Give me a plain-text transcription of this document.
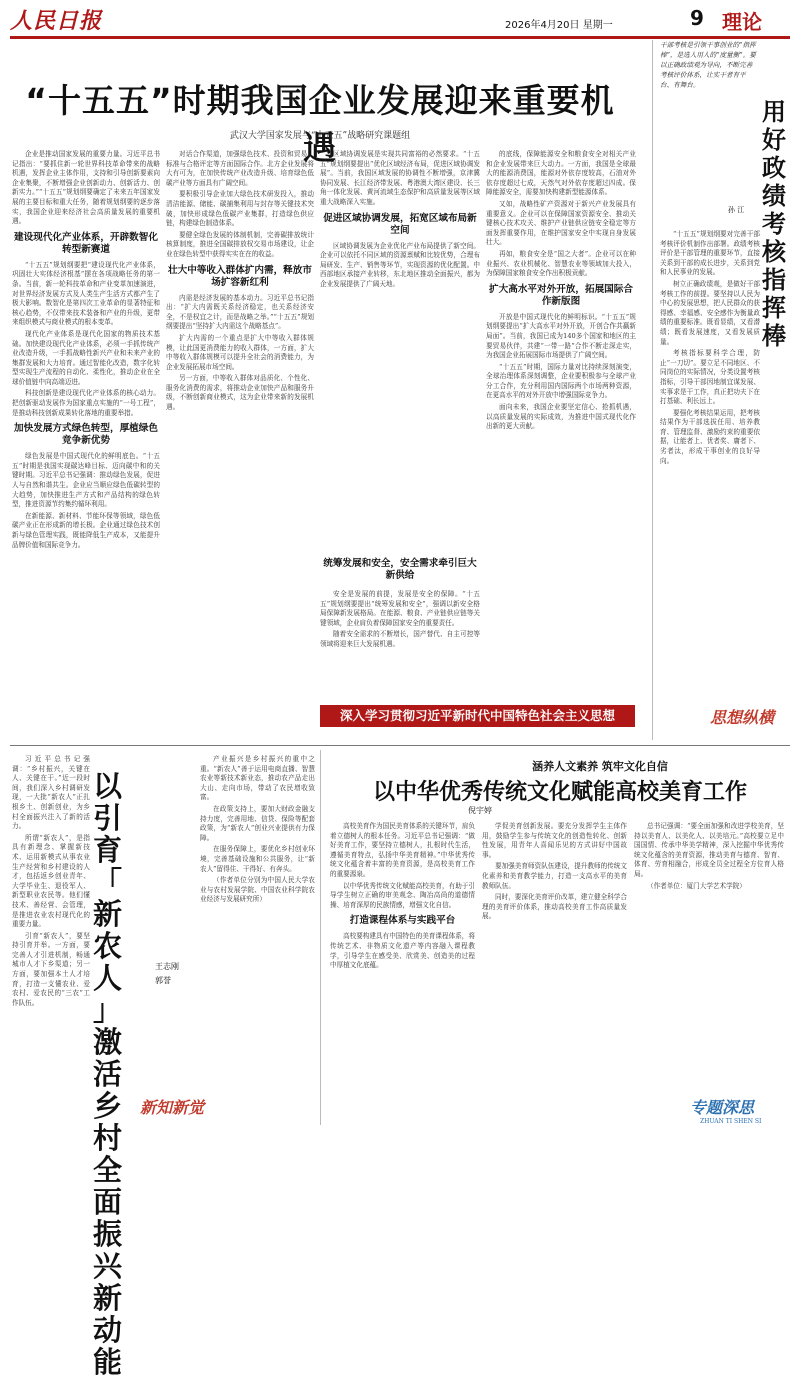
人民日报	2026年4月20日 星期一	9 理论
“十五五”时期我国企业发展迎来重要机遇
武汉大学国家发展与“十五五”战略研究课题组

企业是推动国家发展的重要力量。习近平总书记指出：“要抓住新一轮世界科技革命带来的战略机遇，发挥企业主体作用，支持和引导创新要素向企业集聚，不断增强企业创新动力、创新活力、创新实力。”“十五五”规划纲要确定了未来五年国家发展的主要目标和重大任务，随着规划纲要的逐步落实，我国企业迎来经济社会高质量发展的重要机遇。

建设现代化产业体系，开辟数智化转型新赛道

“十五五”规划纲要把“建设现代化产业体系，巩固壮大实体经济根基”摆在各项战略任务的第一条。当前，新一轮科技革命和产业变革加速演进，对世界经济发展方式及人类生产生活方式都产生了极大影响。数智化是第四次工业革命的显著特征和核心趋势，不仅带来技术装备和产业的升级，更带来组织模式与商业模式的根本变革。

现代化产业体系是现代化国家的物质技术基础。加快建设现代化产业体系，必须一手抓传统产业改造升级，一手抓战略性新兴产业和未来产业的集群发展和大力培育。通过智能化改造，数字化转型实现生产流程的自动化、柔性化，推动企业在全球价值链中向高端迈进。

科技创新是建设现代化产业体系的核心动力。把创新驱动发展作为国家重点实施的“一号工程”，是推动科技创新成果转化落地的重要举措。

加快发展方式绿色转型，厚植绿色竞争新优势

绿色发展是中国式现代化的鲜明底色。“十五五”时期是我国实现碳达峰目标、迈向碳中和的关键时期。习近平总书记强调：推动绿色发展，促进人与自然和谐共生。企业应当顺应绿色低碳转型的大趋势，加快推进生产方式和产品结构的绿色转型，推进资源节约集约循环利用。

在新能源、新材料、节能环保等领域，绿色低碳产业正在形成新的增长极。企业通过绿色技术创新与绿色管理实践，既能降低生产成本，又能提升品牌价值和国际竞争力。

对话合作渠道，加强绿色技术、投资和贸易、标准与合格评定等方面国际合作。北方企业发展将大有可为，在加快传统产业改造升级、培育绿色低碳产业等方面具有广阔空间。

要积极引导企业加大绿色技术研发投入，推动清洁能源、储能、碳捕集利用与封存等关键技术突破，加快形成绿色低碳产业集群，打造绿色供应链，构建绿色制造体系。

要健全绿色发展的体制机制，完善碳排放统计核算制度，推进全国碳排放权交易市场建设，让企业在绿色转型中获得实实在在的收益。

壮大中等收入群体扩内需，释放市场扩容新红利

内需是经济发展的基本动力。习近平总书记指出：“扩大内需既关系经济稳定，也关系经济安全，不是权宜之计，而是战略之举。”“十五五”规划纲要提出“坚持扩大内需这个战略基点”。

扩大内需的一个重点是扩大中等收入群体规模，让此国更消费能力的收入群体，一方面，扩大中等收入群体规模可以提升全社会的消费能力，为企业发展拓展市场空间。

另一方面，中等收入群体对品质化、个性化、服务化消费的需求，将推动企业加快产品和服务升级，不断创新商业模式，这为企业带来新的发展机遇。

区域协调发展是实现共同富裕的必然要求。“十五五”规划纲要提出“优化区域经济布局，促进区域协调发展”。当前，我国区域发展的协调性不断增强，京津冀协同发展、长江经济带发展、粤港澳大湾区建设、长三角一体化发展、黄河流域生态保护和高质量发展等区域重大战略深入实施。

促进区域协调发展，拓宽区域布局新空间

区域协调发展为企业优化产业布局提供了新空间。企业可以依托不同区域的资源禀赋和比较优势，合理布局研发、生产、销售等环节，实现资源的优化配置。中西部地区承接产业转移，东北地区推动全面振兴，都为企业发展提供了广阔天地。

统筹发展和安全，安全需求牵引巨大新供给

安全是发展的前提，发展是安全的保障。“十五五”规划纲要提出“统筹发展和安全”，强调以新安全格局保障新发展格局。在能源、粮食、产业链供应链等关键领域，企业肩负着保障国家安全的重要责任。

随着安全需求的不断增长，国产替代、自主可控等领域将迎来巨大发展机遇。

的底线，保障能源安全和粮食安全对相关产业和企业发展带来巨大动力。一方面，我国是全球最大的能源消费国，能源对外依存度较高，石油对外依存度超过七成，天然气对外依存度超过四成。保障能源安全，需要加快构建新型能源体系。

又如，战略性矿产资源对于新兴产业发展具有重要意义。企业可以在保障国家资源安全、推动关键核心技术攻关、维护产业链供应链安全稳定等方面发挥重要作用，在维护国家安全中实现自身发展壮大。

再如，粮食安全是“国之大者”。企业可以在种业振兴、农业机械化、智慧农业等领域加大投入，为保障国家粮食安全作出积极贡献。

扩大高水平对外开放，拓展国际合作新版图

开放是中国式现代化的鲜明标识。“十五五”规划纲要提出“扩大高水平对外开放，开创合作共赢新局面”。当前，我国已成为140多个国家和地区的主要贸易伙伴，共建“一带一路”合作不断走深走实，为我国企业拓展国际市场提供了广阔空间。

“十五五”时期，国际力量对比持续深刻演变，全球治理体系深刻调整，企业要积极参与全球产业分工合作，充分利用国内国际两个市场两种资源，在更高水平的对外开放中增强国际竞争力。

面向未来，我国企业要坚定信心、抢抓机遇，以高质量发展的实际成效，为推进中国式现代化作出新的更大贡献。

深入学习贯彻习近平新时代中国特色社会主义思想
干部考核是引领干事创业的“指挥棒”，是选人用人的“度量衡”。要以正确政绩观为导向，不断完善考核评价体系，让实干者有平台、有舞台。
用好政绩考核指挥棒
孙 江

“十五五”规划纲要对完善干部考核评价机制作出部署。政绩考核评价是干部管理的重要环节，直接关系到干部的成长进步，关系到党和人民事业的发展。

树立正确政绩观，是做好干部考核工作的前提。要坚持以人民为中心的发展思想，把人民群众的获得感、幸福感、安全感作为衡量政绩的重要标准。既看显绩，又看潜绩；既看发展速度，又看发展质量。

考核指标要科学合理，防止“一刀切”。要立足不同地区、不同岗位的实际情况，分类设置考核指标，引导干部因地制宜谋发展、实事求是干工作，真正把功夫下在打基础、利长远上。

要强化考核结果运用，把考核结果作为干部选拔任用、培养教育、管理监督、激励约束的重要依据，让能者上、优者奖、庸者下、劣者汰，形成干事创业的良好导向。

思想纵横

习近平总书记强调：“乡村振兴，关键在人、关键在干。”近一段时间，我们深入乡村调研发现，一大批“新农人”正扎根乡土、创新创业，为乡村全面振兴注入了新的活力。

所谓“新农人”，是指具有新理念、掌握新技术、运用新模式从事农业生产经营和乡村建设的人才，包括返乡创业青年、大学毕业生、退役军人、新型职业农民等。他们懂技术、善经营、会管理，是推进农业农村现代化的重要力量。

引育“新农人”，要坚持引育并举。一方面，要完善人才引进机制，畅通城市人才下乡渠道；另一方面，要加强本土人才培育，打造一支懂农业、爱农村、爱农民的“三农”工作队伍。

以引育「新农人」激活乡村全面振兴新动能
王志刚 郭誉

产业振兴是乡村振兴的重中之重。“新农人”善于运用电商直播、智慧农业等新技术新业态，推动农产品走出大山、走向市场，带动了农民增收致富。

在政策支持上，要加大财政金融支持力度，完善用地、信贷、保险等配套政策，为“新农人”创业兴业提供有力保障。

在服务保障上，要优化乡村创业环境，完善基础设施和公共服务，让“新农人”留得住、干得好、有奔头。

（作者单位分别为中国人民大学农业与农村发展学院、中国农业科学院农业经济与发展研究所）

新知新觉
涵养人文素养 筑牢文化自信
以中华优秀传统文化赋能高校美育工作
倪宇婷

高校美育作为国民美育体系的关键环节，肩负着立德树人的根本任务。习近平总书记强调：“做好美育工作，要坚持立德树人，扎根时代生活，遵循美育特点，弘扬中华美育精神。”中华优秀传统文化蕴含着丰富的美育资源，是高校美育工作的重要源泉。

以中华优秀传统文化赋能高校美育，有助于引导学生树立正确的审美观念、陶冶高尚的道德情操、培育深厚的民族情感，增强文化自信。

打造课程体系与实践平台

高校要构建具有中国特色的美育课程体系，将传统艺术、非物质文化遗产等内容融入课程教学，引导学生在感受美、欣赏美、创造美的过程中厚植文化底蕴。

学促美育创新发展。要充分发挥学生主体作用，鼓励学生参与传统文化的创造性转化、创新性发展，用青年人喜闻乐见的方式讲好中国故事。

要加强美育师资队伍建设，提升教师的传统文化素养和美育教学能力，打造一支高水平的美育教师队伍。

同时，要深化美育评价改革，建立健全科学合理的美育评价体系，推动高校美育工作高质量发展。

总书记强调：“要全面加强和改进学校美育，坚持以美育人、以美化人、以美培元。”高校要立足中国国情、传承中华美学精神，深入挖掘中华优秀传统文化蕴含的美育资源，推动美育与德育、智育、体育、劳育相融合，形成全员全过程全方位育人格局。

（作者单位：厦门大学艺术学院）

专题深思
ZHUAN TI SHEN SI
